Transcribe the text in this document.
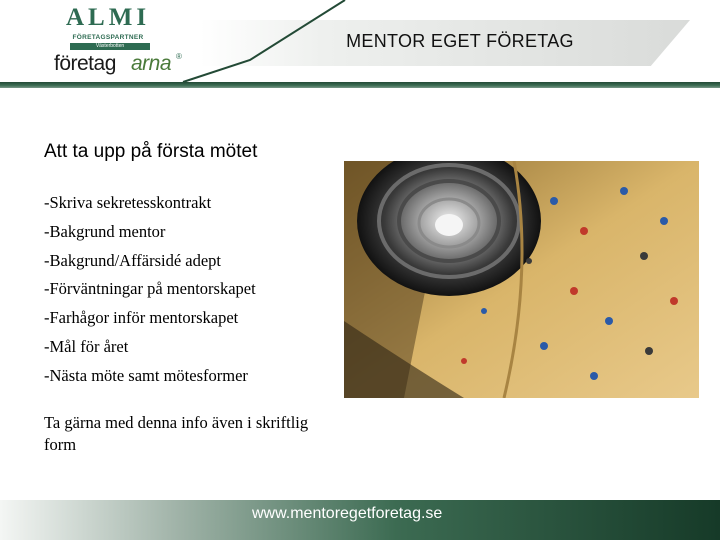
MENTOR EGET FÖRETAG
ALMI
FÖRETAGSPARTNER
Västerbotten
företag arna ®
Att ta upp på första mötet
-Skriva sekretesskontrakt
-Bakgrund mentor
-Bakgrund/Affärsidé adept
-Förväntningar på mentorskapet
-Farhågor inför mentorskapet
-Mål för året
-Nästa möte samt mötesformer
Ta gärna med denna info även i skriftlig form
www.mentoregetforetag.se
